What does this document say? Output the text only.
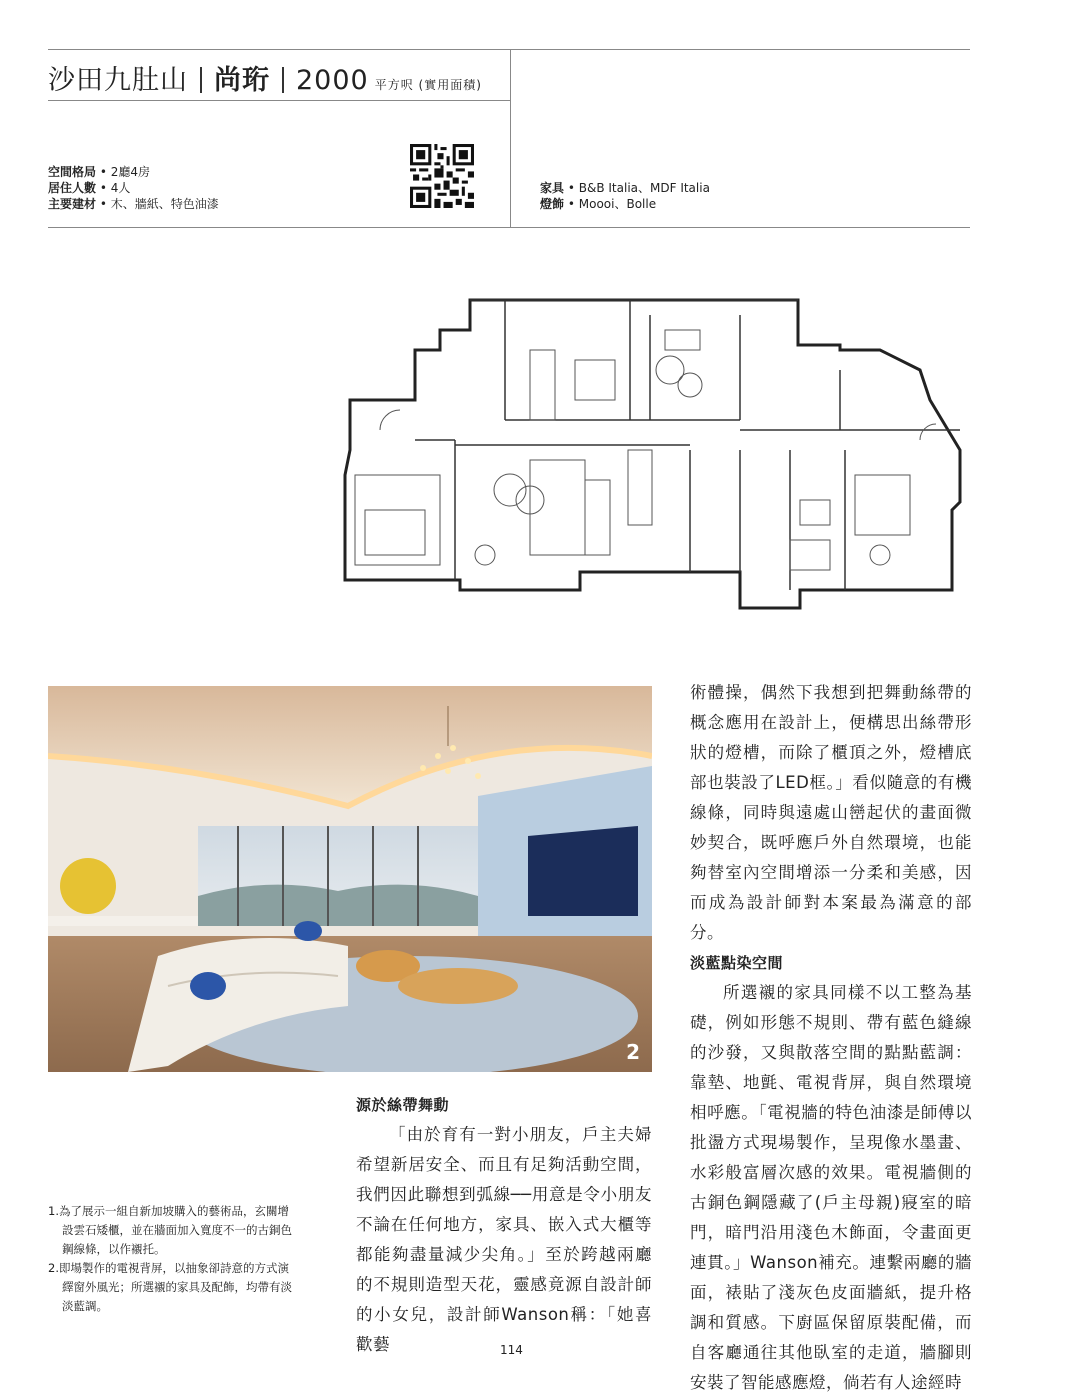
沙田九肚山 尚珩 2000 平方呎 (實用面積)
空間格局 • 2廳4房
居住人數 • 4人
主要建材 • 木、牆紙、特色油漆
家具 • B&B Italia、MDF Italia
燈飾 • Moooi、Bolle
2

1.為了展示一組自新加坡購入的藝術品，玄關增設雲石矮櫃，並在牆面加入寬度不一的古銅色鋼線條，以作襯托。

2.即場製作的電視背屏，以抽象卻詩意的方式演繹窗外風光；所選襯的家具及配飾，均帶有淡淡藍調。

源於絲帶舞動

「由於育有一對小朋友，戶主夫婦希望新居安全、而且有足夠活動空間，我們因此聯想到弧線──用意是令小朋友不論在任何地方，家具、嵌入式大櫃等都能夠盡量減少尖角。」至於跨越兩廳的不規則造型天花，靈感竟源自設計師的小女兒，設計師Wanson稱：「她喜歡藝

術體操，偶然下我想到把舞動絲帶的概念應用在設計上，便構思出絲帶形狀的燈槽，而除了櫃頂之外，燈槽底部也裝設了LED框。」看似隨意的有機線條，同時與遠處山巒起伏的畫面微妙契合，既呼應戶外自然環境，也能夠替室內空間增添一分柔和美感，因而成為設計師對本案最為滿意的部分。

淡藍點染空間

所選襯的家具同樣不以工整為基礎，例如形態不規則、帶有藍色縫線的沙發，又與散落空間的點點藍調：靠墊、地氈、電視背屏，與自然環境相呼應。「電視牆的特色油漆是師傅以批盪方式現場製作，呈現像水墨畫、水彩般富層次感的效果。電視牆側的古銅色鋼隱藏了(戶主母親)寢室的暗門，暗門沿用淺色木飾面，令畫面更連貫。」Wanson補充。連繫兩廳的牆面，裱貼了淺灰色皮面牆紙，提升格調和質感。下廚區保留原裝配備，而自客廳通往其他臥室的走道，牆腳則安裝了智能感應燈，倘若有人途經時

114
